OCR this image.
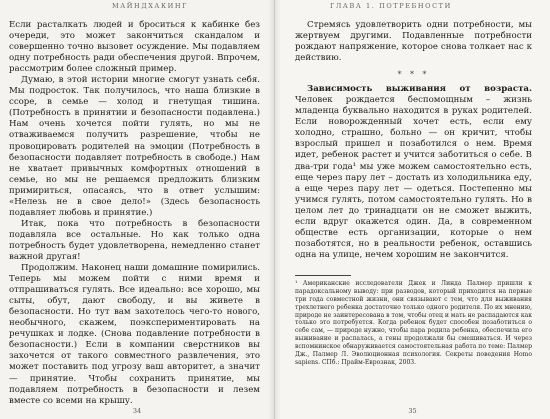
МАЙНДХАКИНГ

Если расталкать людей и броситься к кабинке без очереди, это может закончиться скандалом и совершенно точно вызовет осуждение. Мы подавляем одну потребность ради обеспечения другой. Впрочем, рассмотрим более сложный пример.

Думаю, в этой истории многие смогут узнать себя. Мы подросток. Так получилось, что наша близкие в ссоре, в семье — холод и гнетущая тишина. (Потребность в принятии и безопасности подавлена.) Нам очень хочется пойти гулять, но мы не отваживаемся получить разрешение, чтобы не провоцировать родителей на эмоции (Потребность в безопасности подавляет потребность в свободе.) Нам не хватает привычных комфортных отношений в семье, но мы не решаемся предложить близким примириться, опасаясь, что в ответ услышим: «Нелезь не в свое дело!» (Здесь безопасность подавляет любовь и принятие.)

Итак, пока что потребность в безопасности подавляла все остальные. Но как только одна потребность будет удовлетворена, немедленно станет важной другая!

Продолжим. Наконец наши домашние помирились. Теперь мы можем пойти с ними время и отпрашиваться гулять. Все идеально: все хорошо, мы сыты, обут, дают свободу, и вы живете в безопасности. Но тут вам захотелось чего-то нового, необычного, скажем, поэкспериментировать на речушках и лодке. (Снова подавление потребности в безопасности.) Если в компании сверстников вы захочется от такого совместного развлечения, это может поставить под угрозу ваш авторитет, а значит — принятие. Чтобы сохранить принятие, мы подавляем потребность в безопасности и лезем вместе со всеми на крышу.

34
ГЛАВА 1. ПОТРЕБНОСТИ

Стремясь удовлетворить одни потребности, мы жертвуем другими. Подавленные потребности рождают напряжение, которое снова толкает нас к действию.

* * *

Зависимость выживания от возраста. Человек рождается беспомощным – жизнь младенца буквально находится в руках родителей. Если новорожденный хочет есть, если ему холодно, страшно, больно — он кричит, чтобы взрослый пришел и позаботился о нем. Время идет, ребенок растет и учится заботиться о себе. В два-три года¹ мы уже можем самостоятельно есть, еще через пару лет – достать из холодильника еду, а еще через пару лет — одеться. Постепенно мы учимся гулять, потом самостоятельно гулять. Но в целом лет до тринадцати он не сможет выжить, если вдруг окажется один. Да, в современном обществе есть организации, которые о нем позаботятся, но в реальности ребенок, оставшись одна на улице, нечем хорошим не закончится.

¹ Американские исследователи Джек и Линда Палмер пришли к парадоксальному выводу: при разводов, который приходится на первые три года совместной жизни, они связывают с тем, что для выживания трехлетнего ребенка достаточно только одного родителя. По их мнению, природе не заинтересована в том, чтобы отец и мать не распадаются как только это потребуется. Когда ребенок будет способен позаботиться о себе сам, — природе нужно, чтобы пара родила ребенка, обеспечила его выживание и распалась, а гены продолжали бы смешиваться. И через вспомнинское обнаруживается самостоятельная работа по теме: Палмер Дж., Палмер Л. Эволюционная психология. Секреты поведения Homo sapiens. СПб.: Прайм-Еврознак, 2003.

35
